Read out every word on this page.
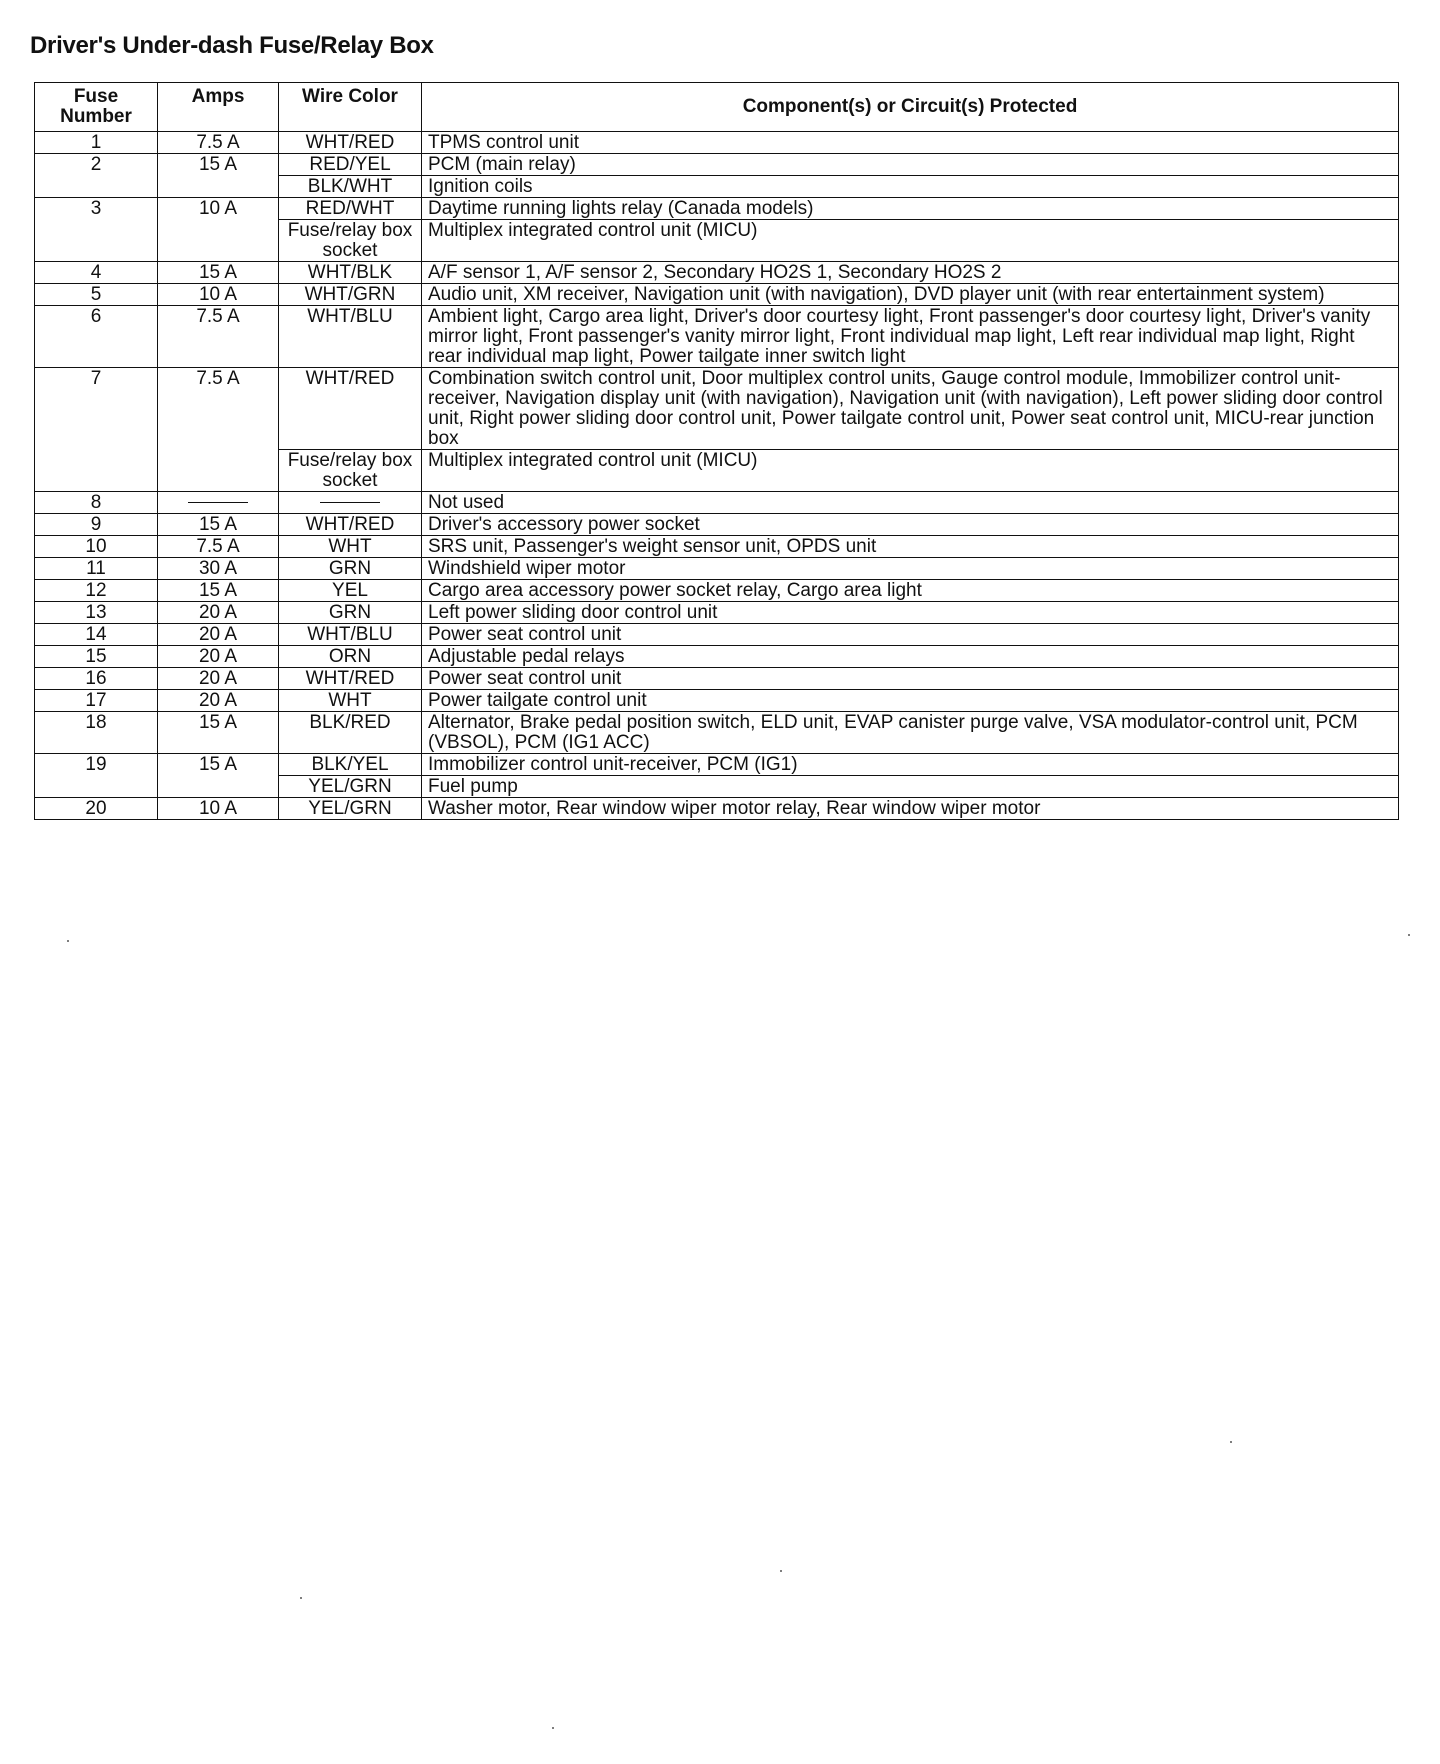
Driver's Under-dash Fuse/Relay Box
Fuse Number	Amps	Wire Color	Component(s) or Circuit(s) Protected
1	7.5 A	WHT/RED	TPMS control unit
2	15 A	RED/YEL	PCM (main relay)
		BLK/WHT	Ignition coils
3	10 A	RED/WHT	Daytime running lights relay (Canada models)
		Fuse/relay box socket	Multiplex integrated control unit (MICU)
4	15 A	WHT/BLK	A/F sensor 1, A/F sensor 2, Secondary HO2S 1, Secondary HO2S 2
5	10 A	WHT/GRN	Audio unit, XM receiver, Navigation unit (with navigation), DVD player unit (with rear entertainment system)
6	7.5 A	WHT/BLU	Ambient light, Cargo area light, Driver's door courtesy light, Front passenger's door courtesy light, Driver's vanity mirror light, Front passenger's vanity mirror light, Front individual map light, Left rear individual map light, Right rear individual map light, Power tailgate inner switch light
7	7.5 A	WHT/RED	Combination switch control unit, Door multiplex control units, Gauge control module, Immobilizer control unit-receiver, Navigation display unit (with navigation), Navigation unit (with navigation), Left power sliding door control unit, Right power sliding door control unit, Power tailgate control unit, Power seat control unit, MICU-rear junction box
		Fuse/relay box socket	Multiplex integrated control unit (MICU)
8			Not used
9	15 A	WHT/RED	Driver's accessory power socket
10	7.5 A	WHT	SRS unit, Passenger's weight sensor unit, OPDS unit
11	30 A	GRN	Windshield wiper motor
12	15 A	YEL	Cargo area accessory power socket relay, Cargo area light
13	20 A	GRN	Left power sliding door control unit
14	20 A	WHT/BLU	Power seat control unit
15	20 A	ORN	Adjustable pedal relays
16	20 A	WHT/RED	Power seat control unit
17	20 A	WHT	Power tailgate control unit
18	15 A	BLK/RED	Alternator, Brake pedal position switch, ELD unit, EVAP canister purge valve, VSA modulator-control unit, PCM (VBSOL), PCM (IG1 ACC)
19	15 A	BLK/YEL	Immobilizer control unit-receiver, PCM (IG1)
		YEL/GRN	Fuel pump
20	10 A	YEL/GRN	Washer motor, Rear window wiper motor relay, Rear window wiper motor
